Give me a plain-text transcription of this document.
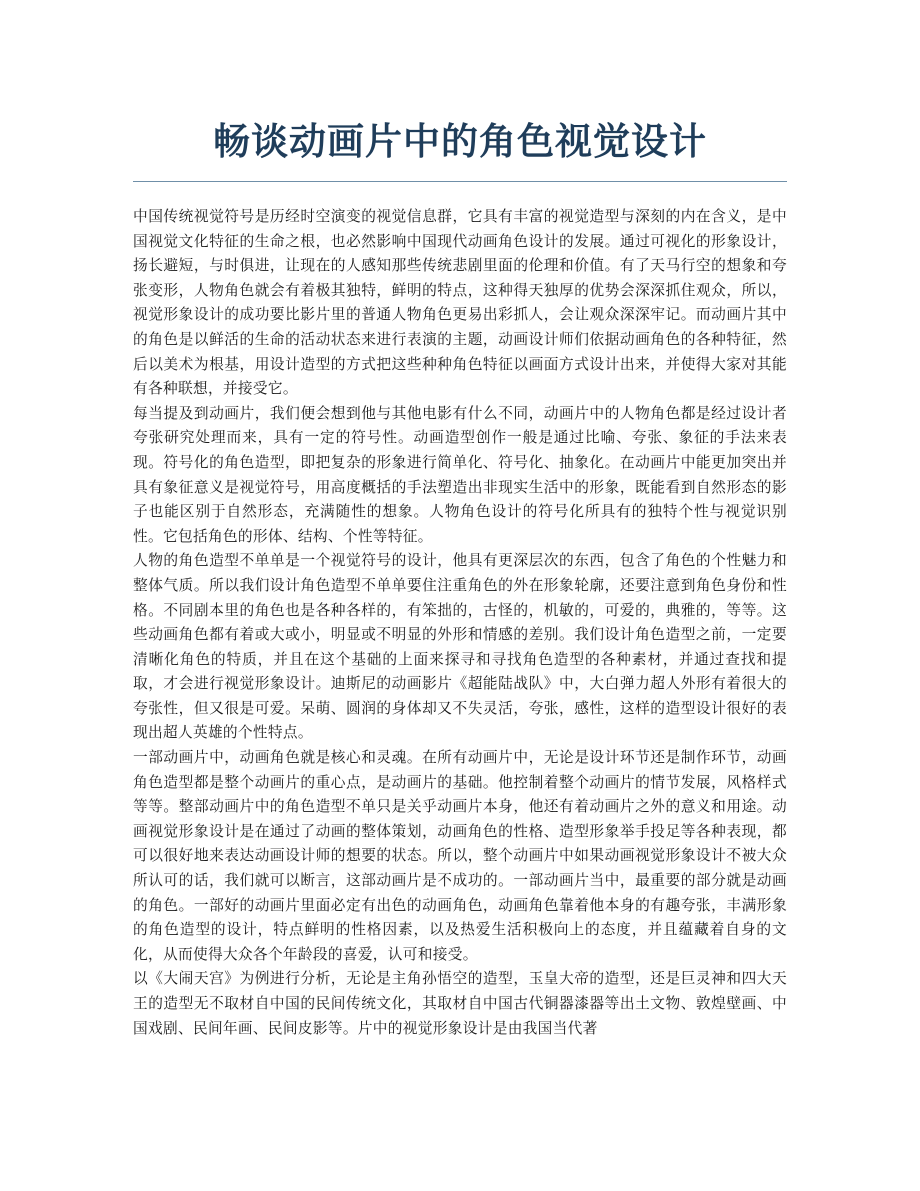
畅谈动画片中的角色视觉设计

中国传统视觉符号是历经时空演变的视觉信息群，它具有丰富的视觉造型与深刻的内在含义，是中国视觉文化特征的生命之根，也必然影响中国现代动画角色设计的发展。通过可视化的形象设计，扬长避短，与时俱进，让现在的人感知那些传统悲剧里面的伦理和价值。有了天马行空的想象和夸张变形，人物角色就会有着极其独特，鲜明的特点，这种得天独厚的优势会深深抓住观众，所以，视觉形象设计的成功要比影片里的普通人物角色更易出彩抓人，会让观众深深牢记。而动画片其中的角色是以鲜活的生命的活动状态来进行表演的主题，动画设计师们依据动画角色的各种特征，然后以美术为根基，用设计造型的方式把这些种种角色特征以画面方式设计出来，并使得大家对其能有各种联想，并接受它。

每当提及到动画片，我们便会想到他与其他电影有什么不同，动画片中的人物角色都是经过设计者夸张研究处理而来，具有一定的符号性。动画造型创作一般是通过比喻、夸张、象征的手法来表现。符号化的角色造型，即把复杂的形象进行简单化、符号化、抽象化。在动画片中能更加突出并具有象征意义是视觉符号，用高度概括的手法塑造出非现实生活中的形象，既能看到自然形态的影子也能区别于自然形态，充满随性的想象。人物角色设计的符号化所具有的独特个性与视觉识别性。它包括角色的形体、结构、个性等特征。

人物的角色造型不单单是一个视觉符号的设计，他具有更深层次的东西，包含了角色的个性魅力和整体气质。所以我们设计角色造型不单单要住注重角色的外在形象轮廓，还要注意到角色身份和性格。不同剧本里的角色也是各种各样的，有笨拙的，古怪的，机敏的，可爱的，典雅的，等等。这些动画角色都有着或大或小，明显或不明显的外形和情感的差别。我们设计角色造型之前，一定要清晰化角色的特质，并且在这个基础的上面来探寻和寻找角色造型的各种素材，并通过查找和提取，才会进行视觉形象设计。迪斯尼的动画影片《超能陆战队》中，大白弹力超人外形有着很大的夸张性，但又很是可爱。呆萌、圆润的身体却又不失灵活，夸张，感性，这样的造型设计很好的表现出超人英雄的个性特点。

一部动画片中，动画角色就是核心和灵魂。在所有动画片中，无论是设计环节还是制作环节，动画角色造型都是整个动画片的重心点，是动画片的基础。他控制着整个动画片的情节发展，风格样式等等。整部动画片中的角色造型不单只是关乎动画片本身，他还有着动画片之外的意义和用途。动画视觉形象设计是在通过了动画的整体策划，动画角色的性格、造型形象举手投足等各种表现，都可以很好地来表达动画设计师的想要的状态。所以，整个动画片中如果动画视觉形象设计不被大众所认可的话，我们就可以断言，这部动画片是不成功的。一部动画片当中，最重要的部分就是动画的角色。一部好的动画片里面必定有出色的动画角色，动画角色靠着他本身的有趣夸张，丰满形象的角色造型的设计，特点鲜明的性格因素，以及热爱生活积极向上的态度，并且蕴藏着自身的文化，从而使得大众各个年龄段的喜爱，认可和接受。

以《大闹天宫》为例进行分析，无论是主角孙悟空的造型，玉皇大帝的造型，还是巨灵神和四大天王的造型无不取材自中国的民间传统文化，其取材自中国古代铜器漆器等出土文物、敦煌壁画、中国戏剧、民间年画、民间皮影等。片中的视觉形象设计是由我国当代著
